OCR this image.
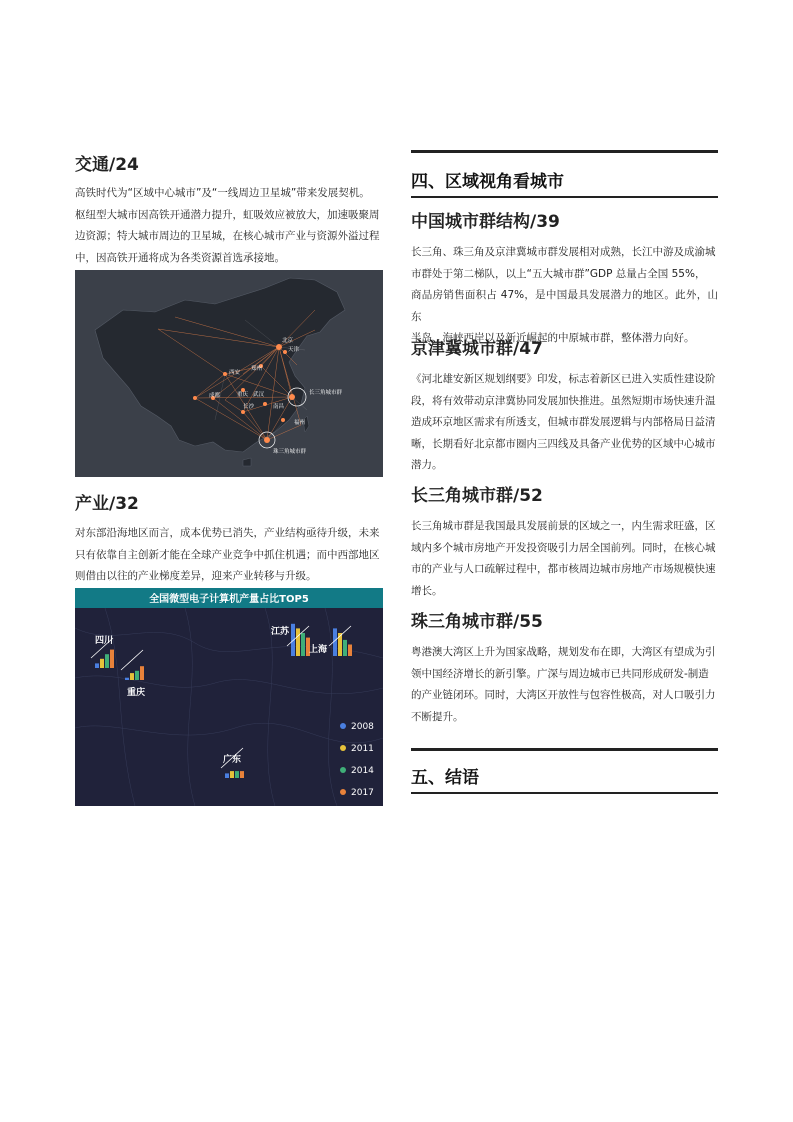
交通/24

高铁时代为“区域中心城市”及“一线周边卫星城”带来发展契机。

枢纽型大城市因高铁开通潜力提升，虹吸效应被放大，加速吸聚周

边资源；特大城市周边的卫星城，在核心城市产业与资源外溢过程

中，因高铁开通将成为各类资源首选承接地。

北京
天津
西安
郑州
成都	重庆 武汉
长沙	南昌
福州
长三角城市群
珠三角城市群
产业/32

对东部沿海地区而言，成本优势已消失，产业结构亟待升级，未来

只有依靠自主创新才能在全球产业竞争中抓住机遇；而中西部地区

则借由以往的产业梯度差异，迎来产业转移与升级。

全国微型电子计算机产量占比TOP5
四川
重庆
江苏
上海
广东
2008
2011
2014
2017
四、区域视角看城市
中国城市群结构/39

长三角、珠三角及京津冀城市群发展相对成熟，长江中游及成渝城

市群处于第二梯队，以上“五大城市群”GDP 总量占全国 55%，

商品房销售面积占 47%，是中国最具发展潜力的地区。此外，山东

半岛、海峡西岸以及新近崛起的中原城市群，整体潜力向好。

京津冀城市群/47

《河北雄安新区规划纲要》印发，标志着新区已进入实质性建设阶

段，将有效带动京津冀协同发展加快推进。虽然短期市场快速升温

造成环京地区需求有所透支，但城市群发展逻辑与内部格局日益清

晰，长期看好北京都市圈内三四线及具备产业优势的区域中心城市

潜力。

长三角城市群/52

长三角城市群是我国最具发展前景的区域之一，内生需求旺盛，区

域内多个城市房地产开发投资吸引力居全国前列。同时，在核心城

市的产业与人口疏解过程中，都市核周边城市房地产市场规模快速

增长。

珠三角城市群/55

粤港澳大湾区上升为国家战略，规划发布在即，大湾区有望成为引

领中国经济增长的新引擎。广深与周边城市已共同形成研发-制造

的产业链闭环。同时，大湾区开放性与包容性极高，对人口吸引力

不断提升。

五、结语
